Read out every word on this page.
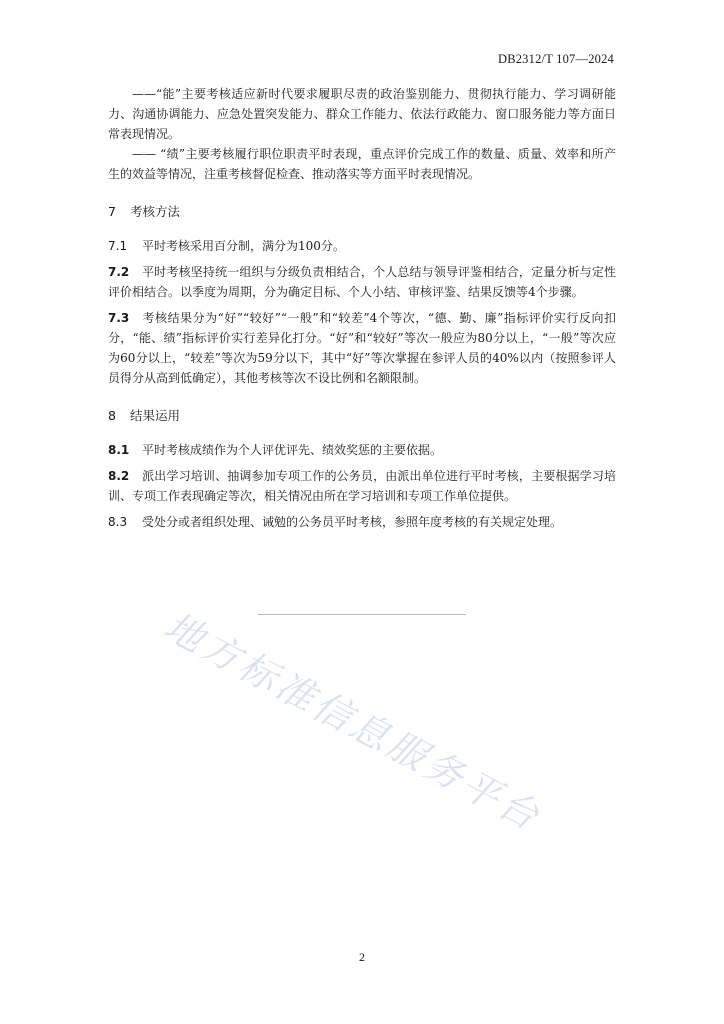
DB2312/T 107—2024

——“能”主要考核适应新时代要求履职尽责的政治鉴别能力、贯彻执行能力、学习调研能力、沟通协调能力、应急处置突发能力、群众工作能力、依法行政能力、窗口服务能力等方面日常表现情况。

—— “绩”主要考核履行职位职责平时表现，重点评价完成工作的数量、质量、效率和所产生的效益等情况，注重考核督促检查、推动落实等方面平时表现情况。

7 考核方法

7.1 平时考核采用百分制，满分为100分。

7.2 平时考核坚持统一组织与分级负责相结合，个人总结与领导评鉴相结合，定量分析与定性评价相结合。以季度为周期，分为确定目标、个人小结、审核评鉴、结果反馈等4个步骤。

7.3 考核结果分为“好”“较好”“一般”和“较差”4个等次，“德、勤、廉”指标评价实行反向扣分，“能、绩”指标评价实行差异化打分。“好”和“较好”等次一般应为80分以上，“一般”等次应为60分以上，“较差”等次为59分以下，其中“好”等次掌握在参评人员的40%以内（按照参评人员得分从高到低确定），其他考核等次不设比例和名额限制。

8 结果运用

8.1 平时考核成绩作为个人评优评先、绩效奖惩的主要依据。

8.2 派出学习培训、抽调参加专项工作的公务员，由派出单位进行平时考核，主要根据学习培训、专项工作表现确定等次，相关情况由所在学习培训和专项工作单位提供。

8.3 受处分或者组织处理、诫勉的公务员平时考核，参照年度考核的有关规定处理。

地方标准信息服务平台
2
